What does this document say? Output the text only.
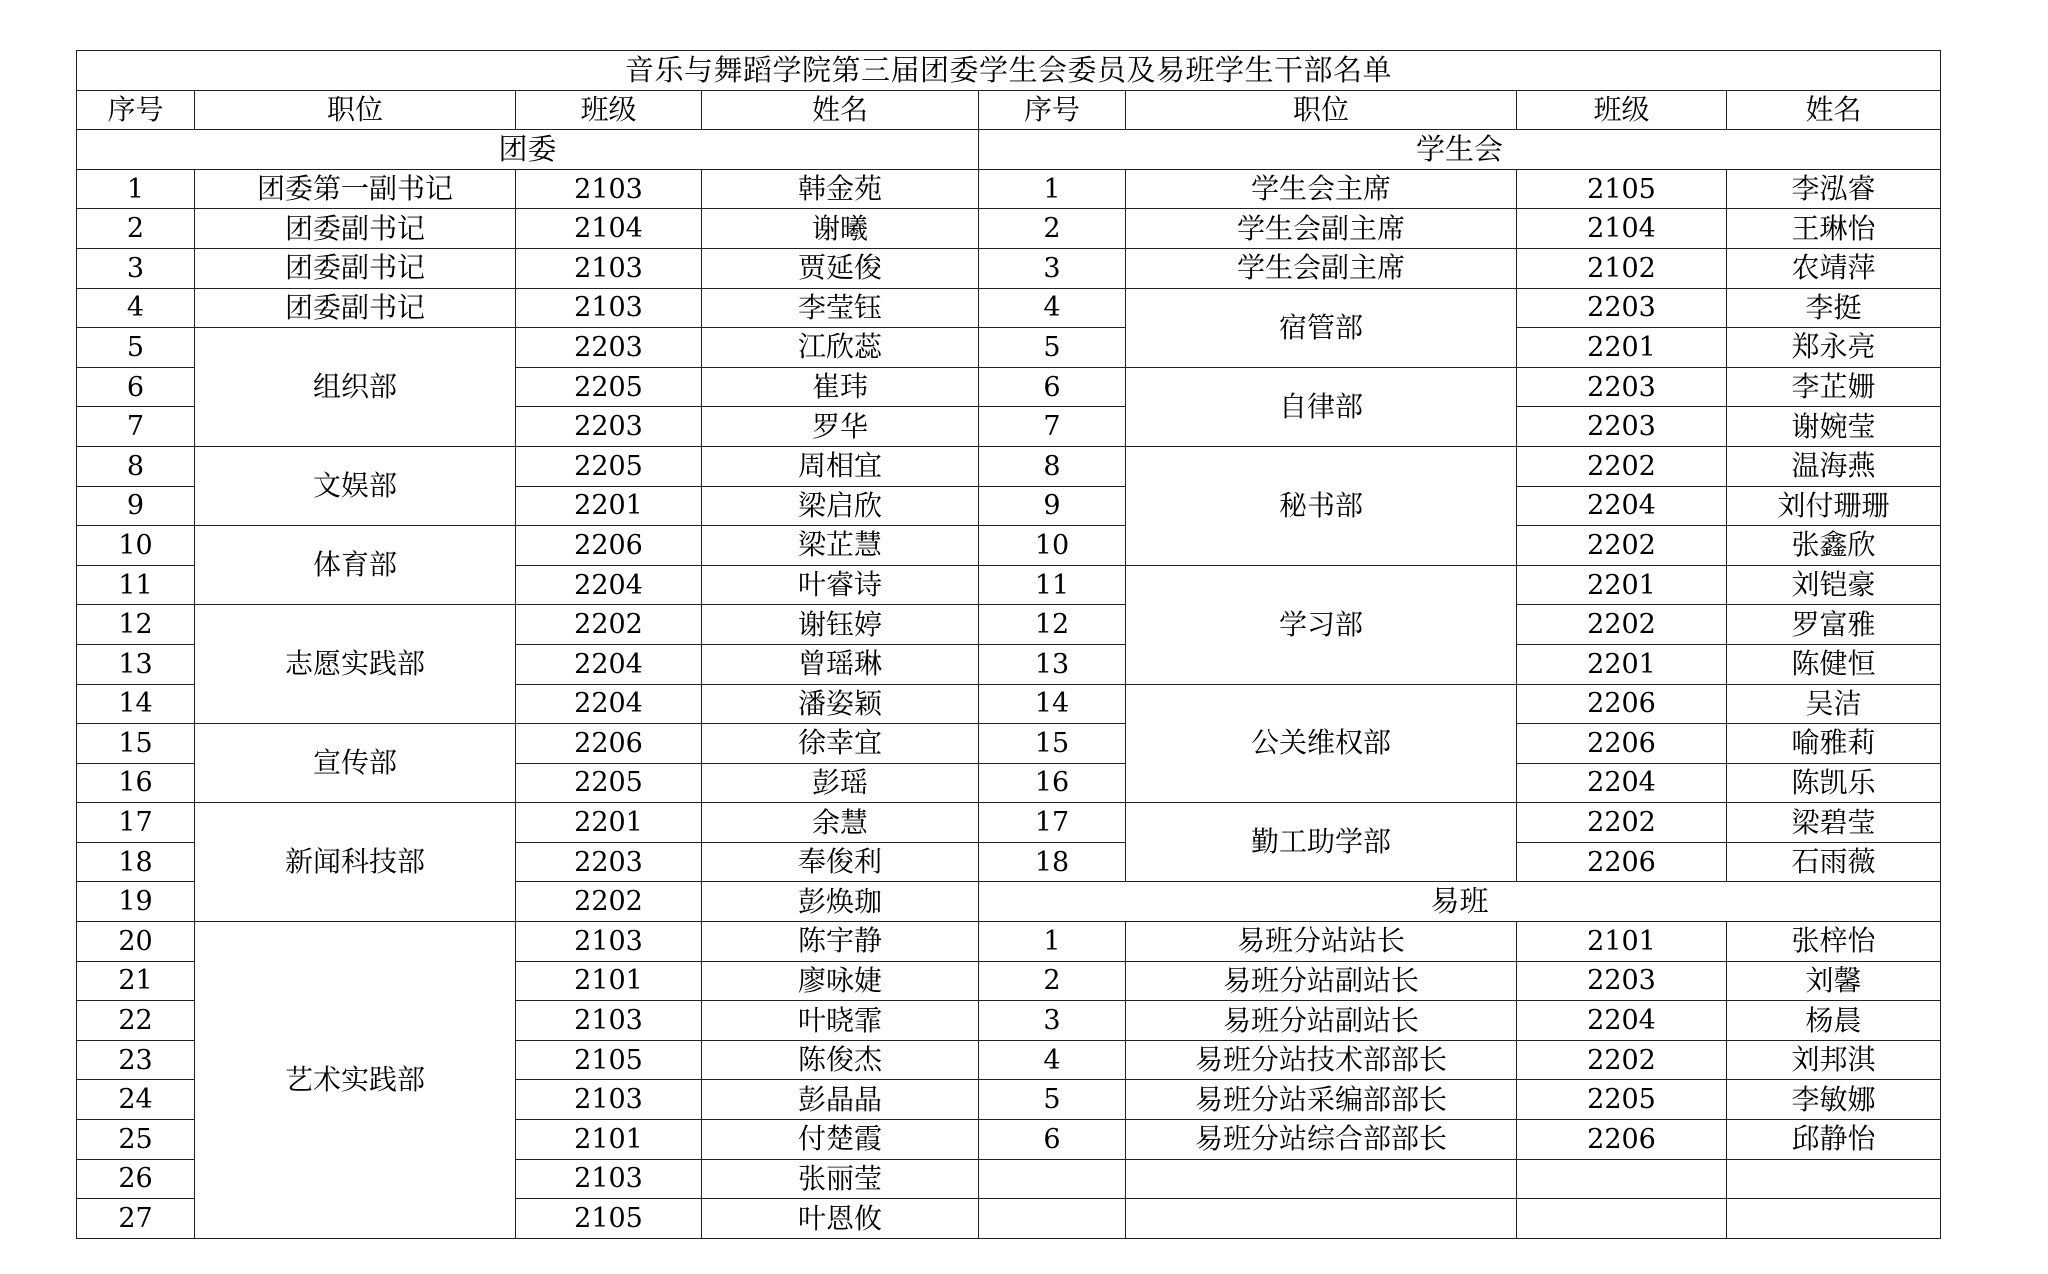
音乐与舞蹈学院第三届团委学生会委员及易班学生干部名单							
序号	职位	班级	姓名	序号	职位	班级	姓名
团委				学生会			
1	团委第一副书记	2103	韩金苑	1	学生会主席	2105	李泓睿
2	团委副书记	2104	谢曦	2	学生会副主席	2104	王琳怡
3	团委副书记	2103	贾延俊	3	学生会副主席	2102	农靖萍
4	团委副书记	2103	李莹钰	4	宿管部	2203	李挺
5	组织部	2203	江欣蕊	5		2201	郑永亮
6		2205	崔玮	6	自律部	2203	李芷姗
7		2203	罗华	7		2203	谢婉莹
8	文娱部	2205	周相宜	8	秘书部	2202	温海燕
9		2201	梁启欣	9		2204	刘付珊珊
10	体育部	2206	梁芷慧	10		2202	张鑫欣
11		2204	叶睿诗	11	学习部	2201	刘铠豪
12	志愿实践部	2202	谢钰婷	12		2202	罗富雅
13		2204	曾瑶琳	13		2201	陈健恒
14		2204	潘姿颖	14	公关维权部	2206	吴洁
15	宣传部	2206	徐幸宜	15		2206	喻雅莉
16		2205	彭瑶	16		2204	陈凯乐
17	新闻科技部	2201	余慧	17	勤工助学部	2202	梁碧莹
18		2203	奉俊利	18		2206	石雨薇
19		2202	彭焕珈	易班			
20	艺术实践部	2103	陈宇静	1	易班分站站长	2101	张梓怡
21		2101	廖咏婕	2	易班分站副站长	2203	刘馨
22		2103	叶晓霏	3	易班分站副站长	2204	杨晨
23		2105	陈俊杰	4	易班分站技术部部长	2202	刘邦淇
24		2103	彭晶晶	5	易班分站采编部部长	2205	李敏娜
25		2101	付楚霞	6	易班分站综合部部长	2206	邱静怡
26		2103	张丽莹				
27		2105	叶恩攸				
